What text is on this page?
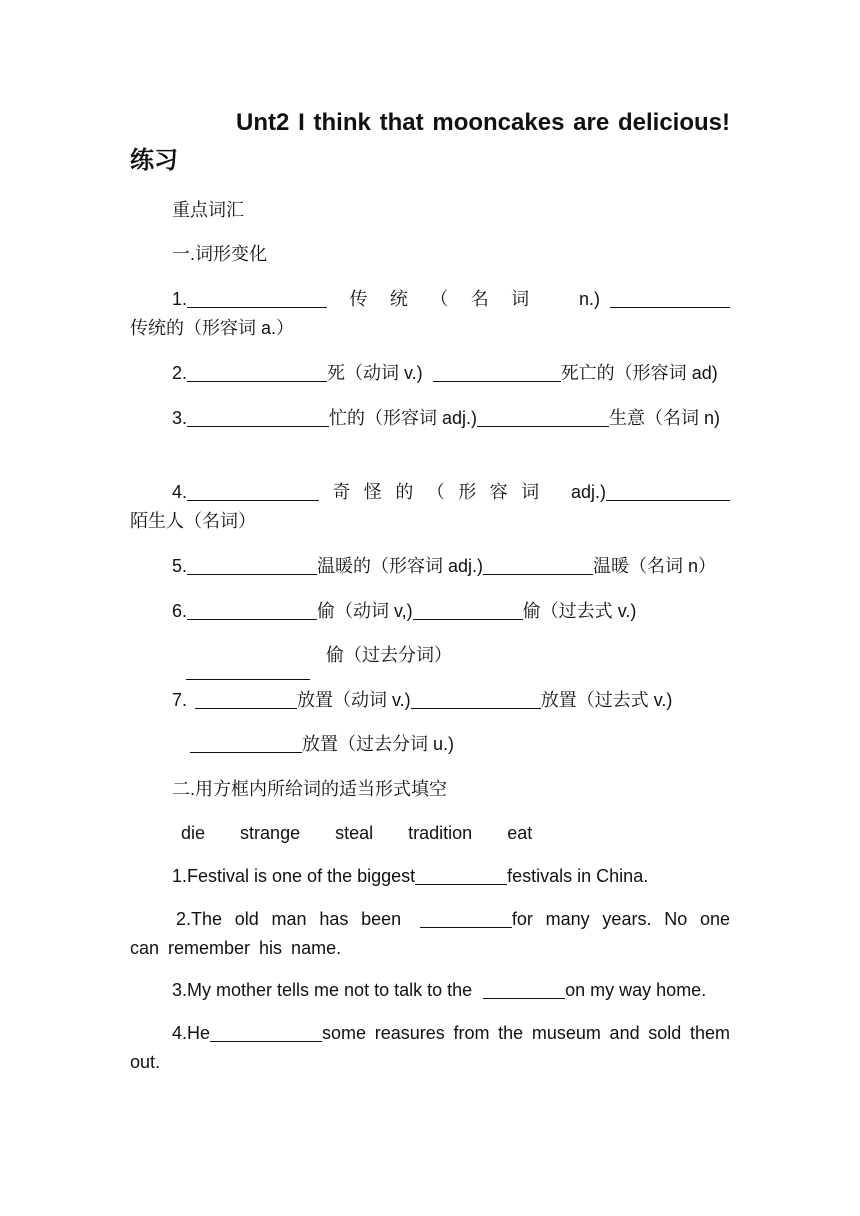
Unt2 I think that mooncakes are delicious!练习
重点词汇
一.词形变化
1.	传统（名词 n.)传统的（形容词 a.）
2.	死（动词 v.)	死亡的（形容词 ad)
3.	忙的（形容词 adj.)	生意（名词 n)
4.	奇怪的（形容词 adj.)陌生人（名词）
5.	温暖的（形容词 adj.)	温暖（名词 n）
6.	偷（动词 v,)	偷（过去式 v.)
偷（过去分词）
7.	放置（动词 v.)	放置（过去式 v.)
放置（过去分词 u.)
二.用方框内所给词的适当形式填空
die strange steal tradition eat
1.Festival is one of the biggest	festivals in China.
2.The old man has been	for many years. No one can remember his name.
3.My mother tells me not to talk to the	on my way home.
4.He	some reasures from the museum and sold them out.
